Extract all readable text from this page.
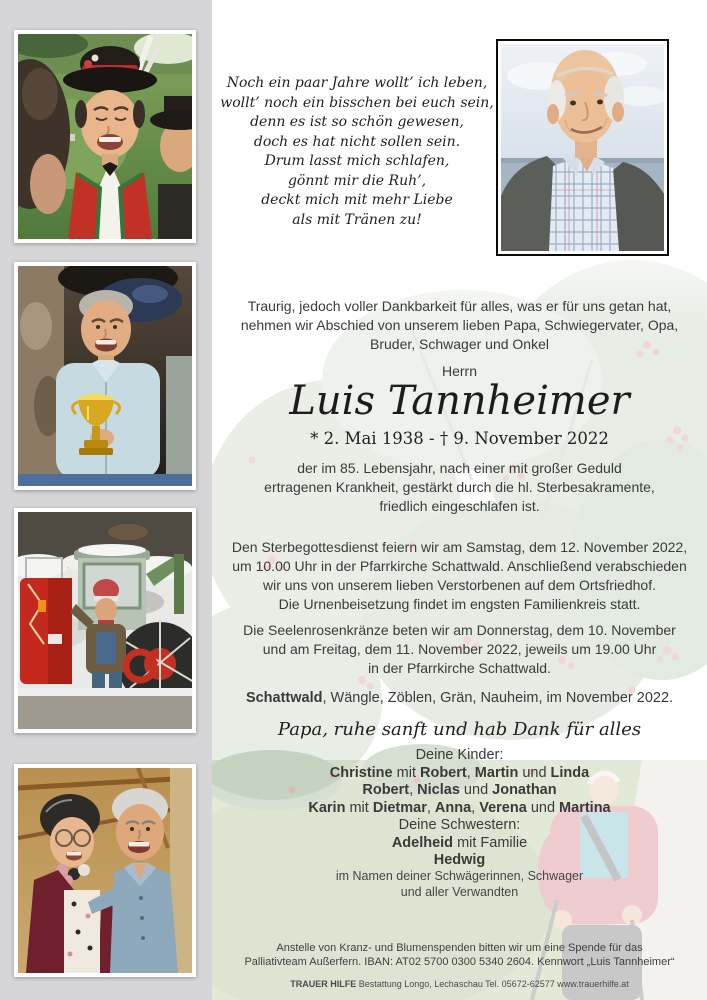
Noch ein paar Jahre wollt’ ich leben,
wollt’ noch ein bisschen bei euch sein,
denn es ist so schön gewesen,
doch es hat nicht sollen sein.
Drum lasst mich schlafen,
gönnt mir die Ruh’,
deckt mich mit mehr Liebe
als mit Tränen zu!
Traurig, jedoch voller Dankbarkeit für alles, was er für uns getan hat,
nehmen wir Abschied von unserem lieben Papa, Schwiegervater, Opa,
Bruder, Schwager und Onkel
Herrn
Luis Tannheimer
* 2. Mai 1938 - † 9. November 2022
der im 85. Lebensjahr, nach einer mit großer Geduld
ertragenen Krankheit, gestärkt durch die hl. Sterbesakramente,
friedlich eingeschlafen ist.
Den Sterbegottesdienst feiern wir am Samstag, dem 12. November 2022,
um 10.00 Uhr in der Pfarrkirche Schattwald. Anschließend verabschieden
wir uns von unserem lieben Verstorbenen auf dem Ortsfriedhof.
Die Urnenbeisetzung findet im engsten Familienkreis statt.
Die Seelenrosenkränze beten wir am Donnerstag, dem 10. November
und am Freitag, dem 11. November 2022, jeweils um 19.00 Uhr
in der Pfarrkirche Schattwald.
Schattwald, Wängle, Zöblen, Grän, Nauheim, im November 2022.
Papa, ruhe sanft und hab Dank für alles
Deine Kinder:
Christine mit Robert, Martin und Linda
Robert, Niclas und Jonathan
Karin mit Dietmar, Anna, Verena und Martina
Deine Schwestern:
Adelheid mit Familie
Hedwig
im Namen deiner Schwägerinnen, Schwager
und aller Verwandten
Anstelle von Kranz- und Blumenspenden bitten wir um eine Spende für das
Palliativteam Außerfern. IBAN: AT02 5700 0300 5340 2604. Kennwort „Luis Tannheimer“
TRAUER HILFE Bestattung Longo, Lechaschau Tel. 05672-62577 www.trauerhilfe.at
